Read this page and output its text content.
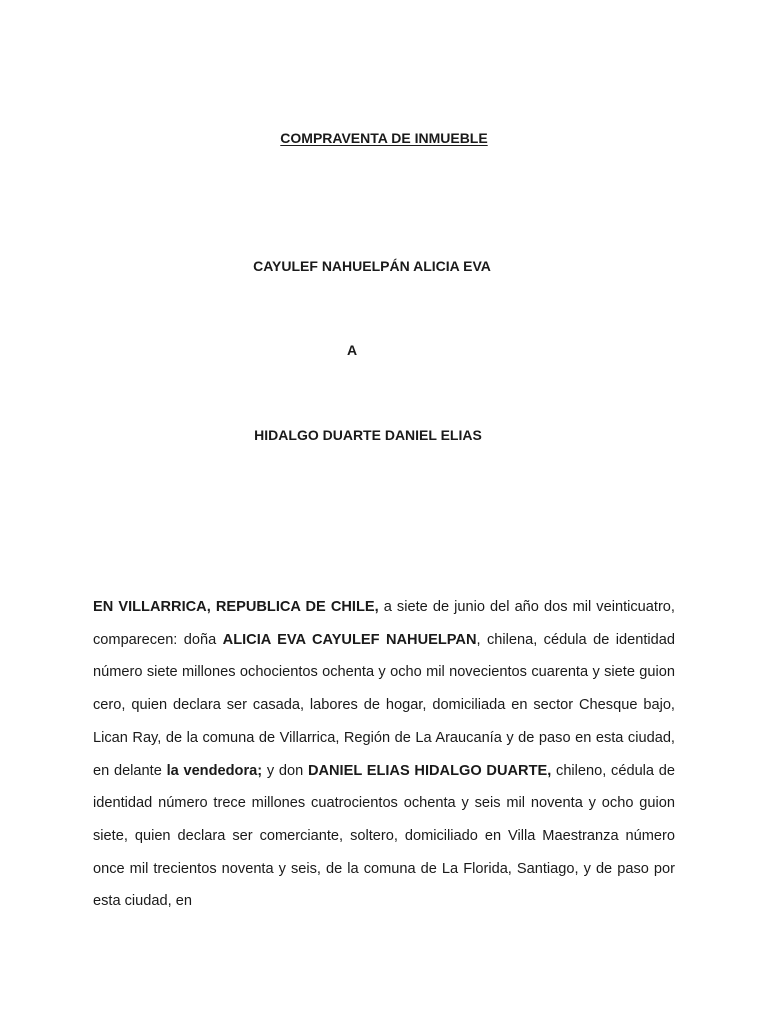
COMPRAVENTA DE INMUEBLE
CAYULEF NAHUELPÁN ALICIA EVA
A
HIDALGO DUARTE DANIEL ELIAS

EN VILLARRICA, REPUBLICA DE CHILE, a siete de junio del año dos mil veinticuatro, comparecen: doña ALICIA EVA CAYULEF NAHUELPAN, chilena, cédula de identidad número siete millones ochocientos ochenta y ocho mil novecientos cuarenta y siete guion cero, quien declara ser casada, labores de hogar, domiciliada en sector Chesque bajo, Lican Ray, de la comuna de Villarrica, Región de La Araucanía y de paso en esta ciudad, en delante la vendedora; y don DANIEL ELIAS HIDALGO DUARTE, chileno, cédula de identidad número trece millones cuatrocientos ochenta y seis mil noventa y ocho guion siete, quien declara ser comerciante, soltero, domiciliado en Villa Maestranza número once mil trecientos noventa y seis, de la comuna de La Florida, Santiago, y de paso por esta ciudad, en
